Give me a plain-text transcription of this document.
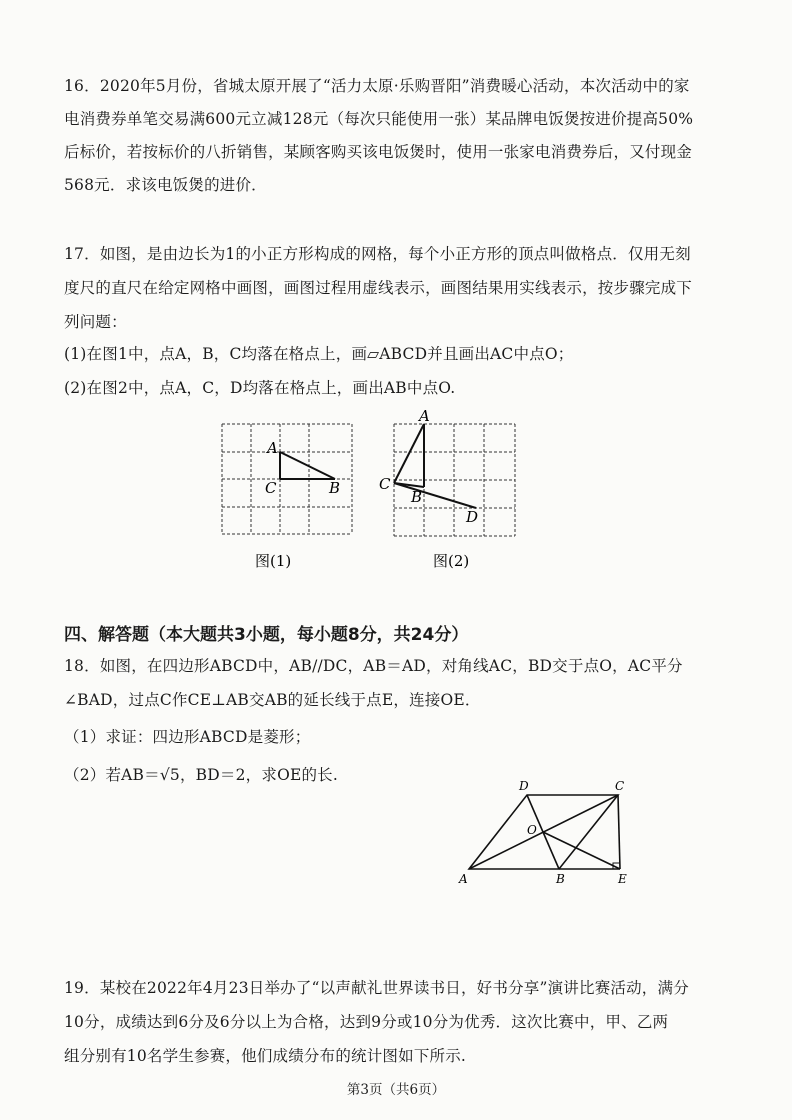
16．2020年5月份，省城太原开展了“活力太原·乐购晋阳”消费暖心活动，本次活动中的家
电消费券单笔交易满600元立减128元（每次只能使用一张）某品牌电饭煲按进价提高50%
后标价，若按标价的八折销售，某顾客购买该电饭煲时，使用一张家电消费券后，又付现金
568元．求该电饭煲的进价．
17．如图，是由边长为1的小正方形构成的网格，每个小正方形的顶点叫做格点．仅用无刻
度尺的直尺在给定网格中画图，画图过程用虚线表示，画图结果用实线表示，按步骤完成下
列问题：
(1)在图1中，点A，B，C均落在格点上，画▱ABCD并且画出AC中点O；
(2)在图2中，点A，C，D均落在格点上，画出AB中点O.
A
C	B
图(1)
A
C
B
D
图(2)
四、解答题（本大题共3小题，每小题8分，共24分）
18．如图，在四边形ABCD中，AB//DC，AB＝AD，对角线AC，BD交于点O，AC平分
∠BAD，过点C作CE⊥AB交AB的延长线于点E，连接OE．
（1）求证：四边形ABCD是菱形；
（2）若AB＝√5，BD＝2，求OE的长.
D	C
O
A	B	E
19．某校在2022年4月23日举办了“以声献礼世界读书日，好书分享”演讲比赛活动，满分
10分，成绩达到6分及6分以上为合格，达到9分或10分为优秀．这次比赛中，甲、乙两
组分别有10名学生参赛，他们成绩分布的统计图如下所示.
第3页（共6页）
